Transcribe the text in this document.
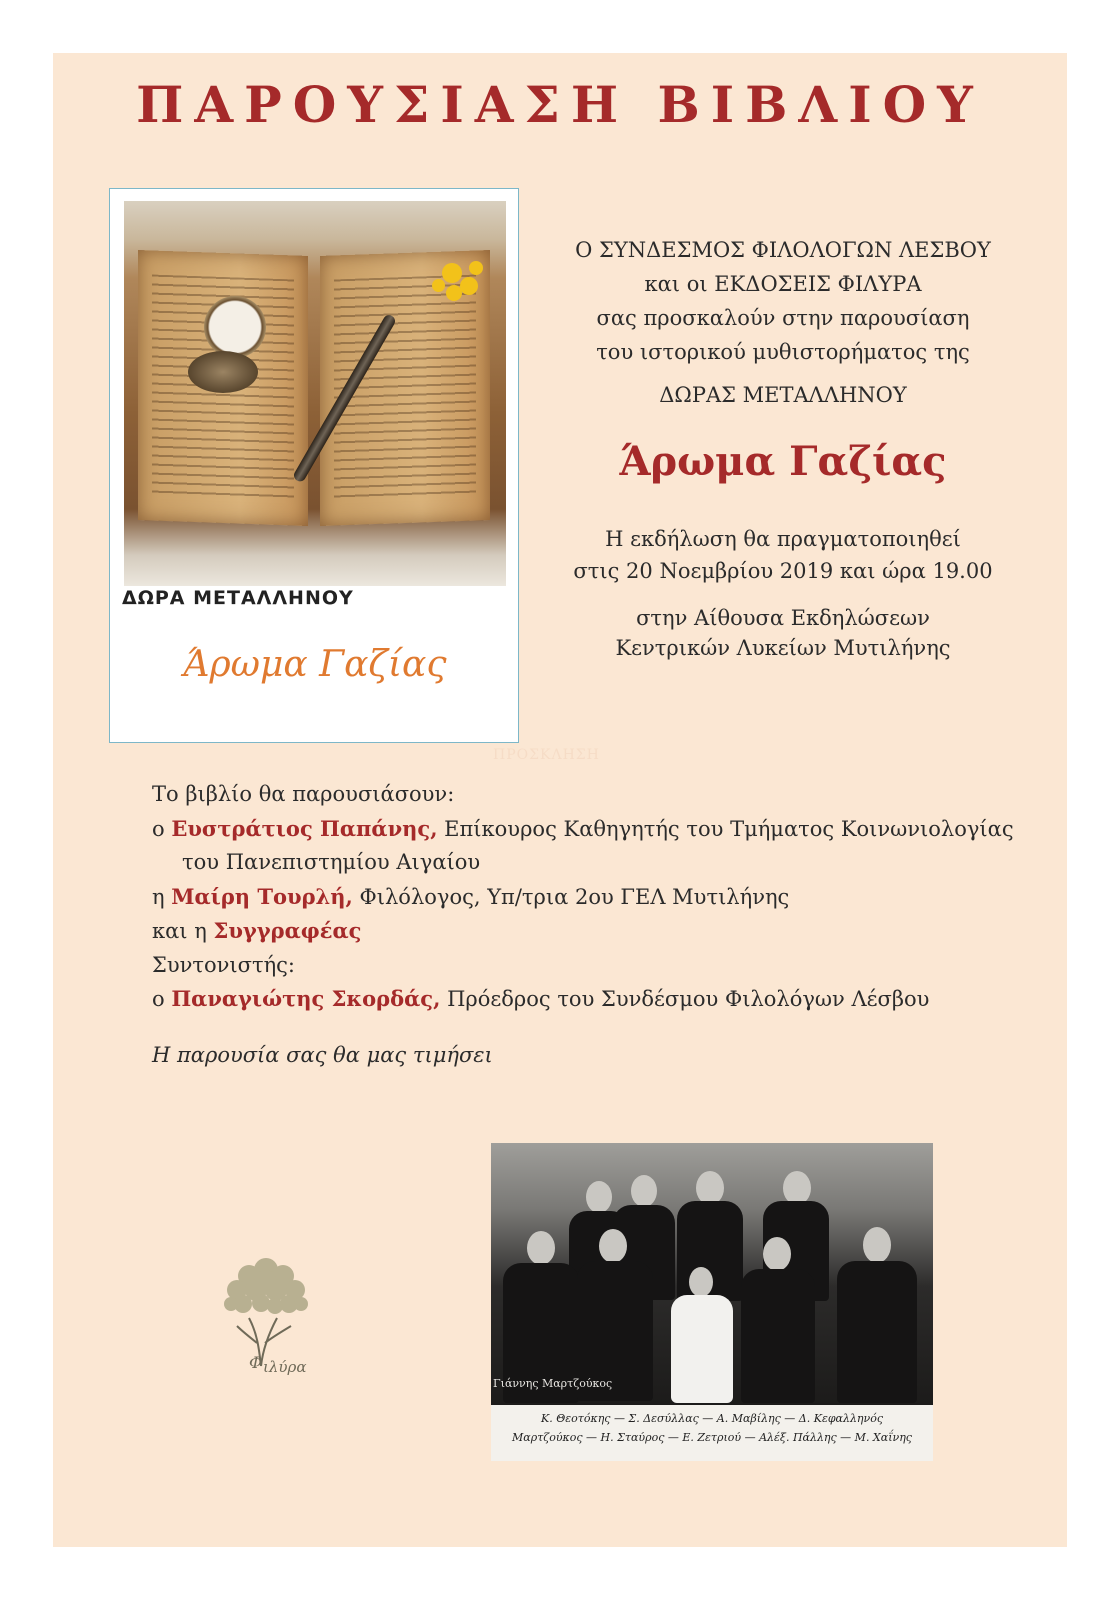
ΠΑΡΟΥΣΙΑΣΗ ΒΙΒΛΙΟΥ
ΔΩΡΑ ΜΕΤΑΛΛΗΝΟΥ
Άρωμα Γαζίας
Ο ΣΥΝΔΕΣΜΟΣ ΦΙΛΟΛΟΓΩΝ ΛΕΣΒΟΥ
και οι ΕΚΔΟΣΕΙΣ ΦΙΛΥΡΑ
σας προσκαλούν στην παρουσίαση
του ιστορικού μυθιστορήματος της
ΔΩΡΑΣ ΜΕΤΑΛΛΗΝΟΥ
Άρωμα Γαζίας
Η εκδήλωση θα πραγματοποιηθεί
στις 20 Νοεμβρίου 2019 και ώρα 19.00
στην Αίθουσα Εκδηλώσεων
Κεντρικών Λυκείων Μυτιλήνης
ΠΡΟΣΚΛΗΣΗ
Το βιβλίο θα παρουσιάσουν:
ο Ευστράτιος Παπάνης, Επίκουρος Καθηγητής του Τμήματος Κοινωνιολογίας
του Πανεπιστημίου Αιγαίου
η Μαίρη Τουρλή, Φιλόλογος, Υπ/τρια 2ου ΓΕΛ Μυτιλήνης
και η Συγγραφέας
Συντονιστής:
ο Παναγιώτης Σκορδάς, Πρόεδρος του Συνδέσμου Φιλολόγων Λέσβου
Η παρουσία σας θα μας τιμήσει
Φ ιλύρα
Γιάννης Μαρτζούκος
Κ. Θεοτόκης — Σ. Δεσύλλας — Α. Μαβίλης — Δ. Κεφαλληνός
Μαρτζούκος — Η. Σταύρος — Ε. Ζετριού — Αλέξ. Πάλλης — Μ. Χαΐνης
